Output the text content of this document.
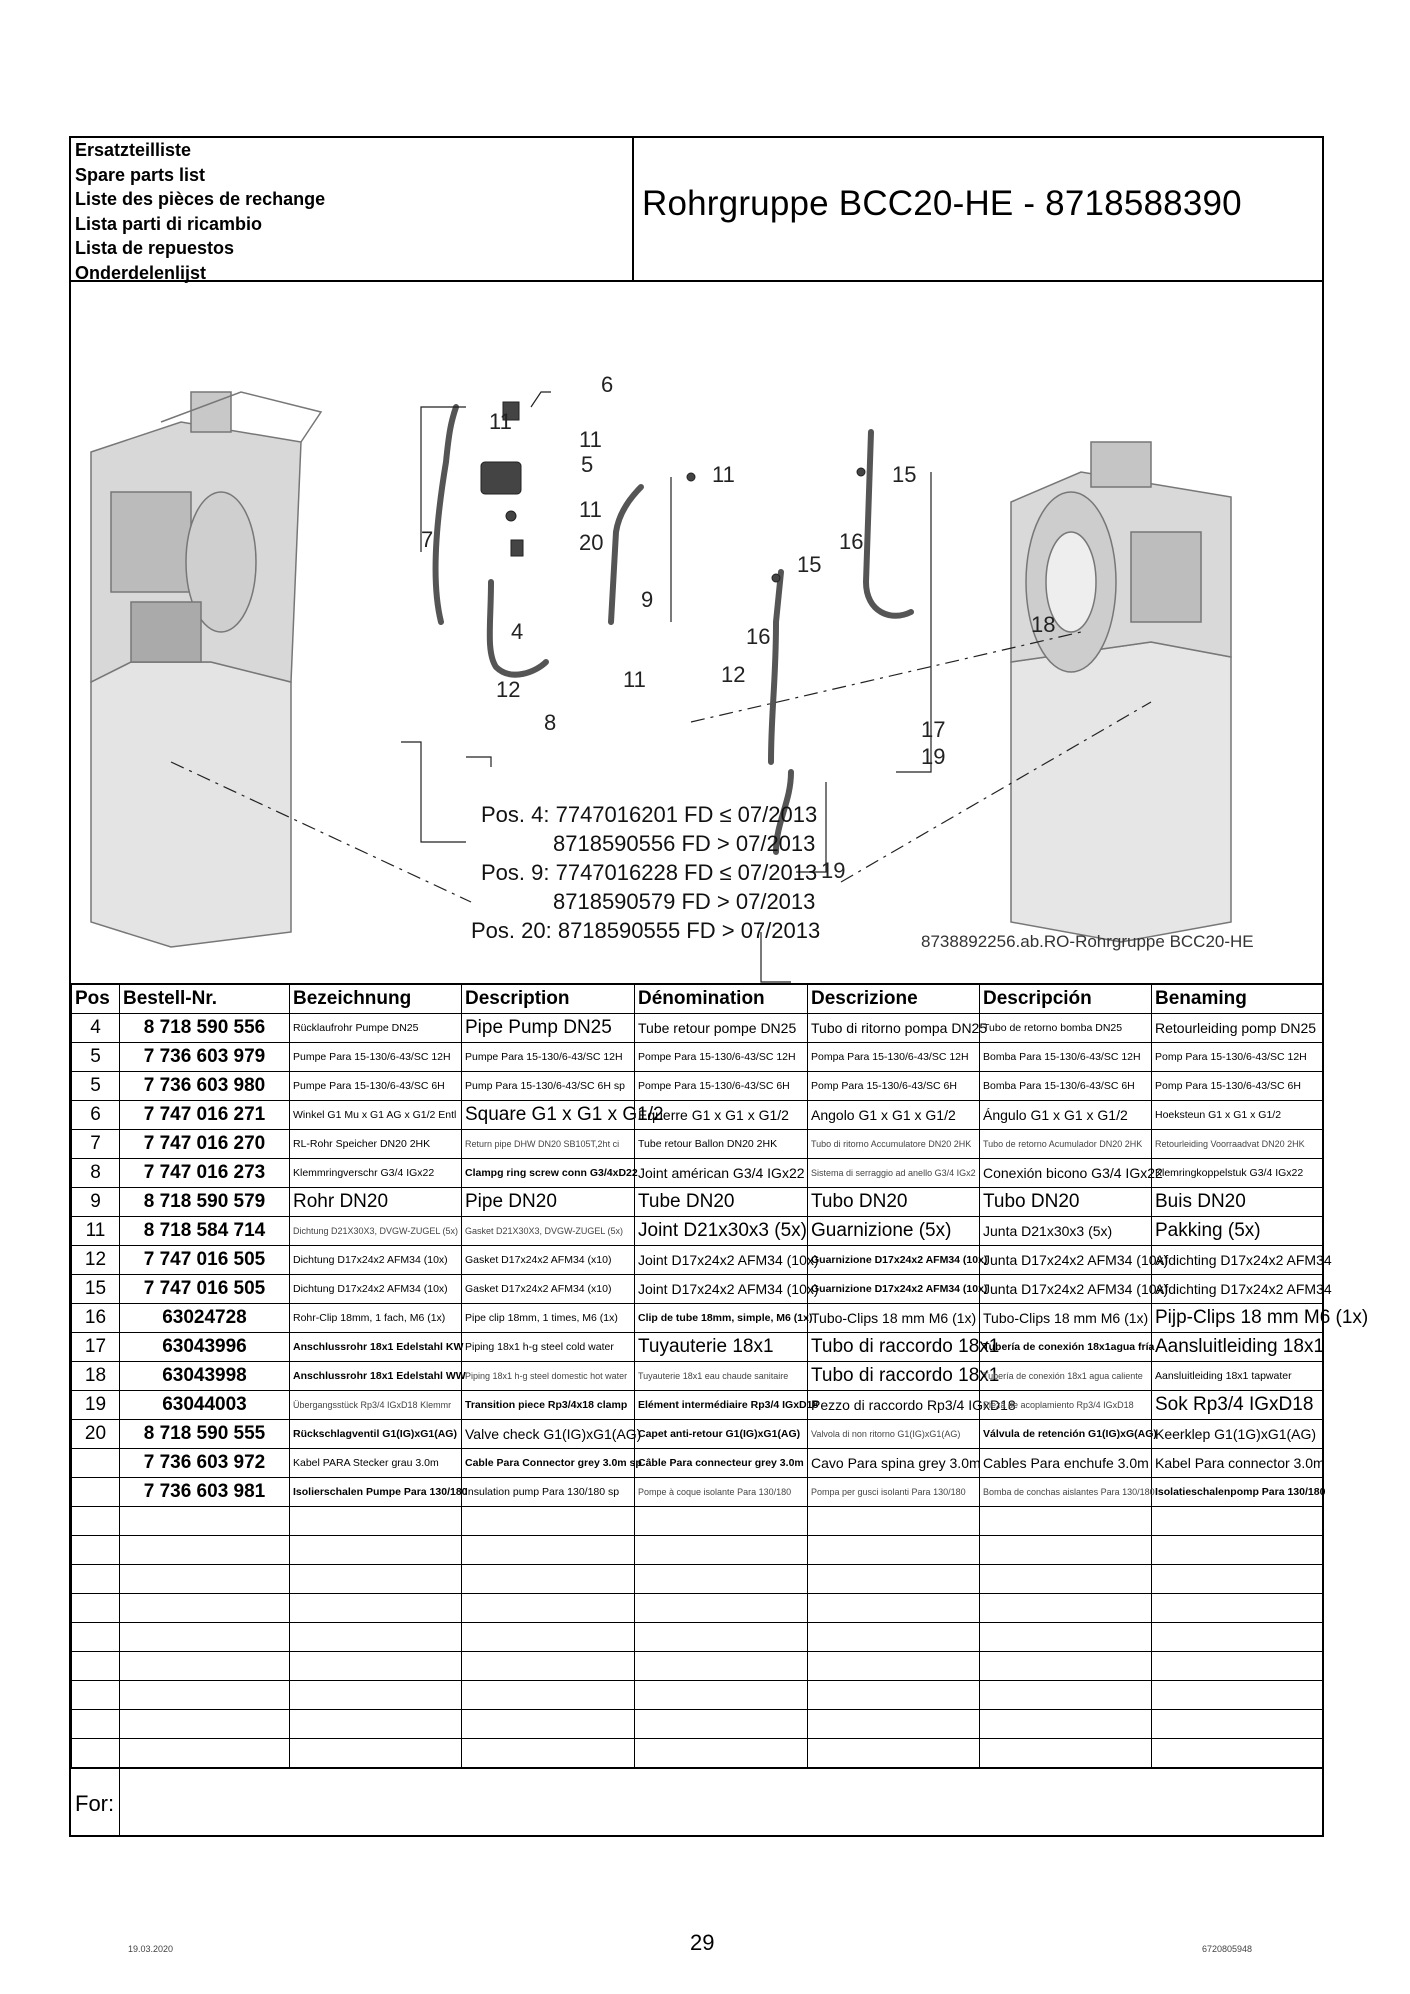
Ersatzteilliste
Spare parts list
Liste des pièces de rechange
Lista parti di ricambio
Lista de repuestos
Onderdelenlijst
Rohrgruppe BCC20-HE - 8718588390
11
6
11
5
11
20
7
4
12
8
11
9
11
12
15
16
15
16
17
19
19
18
Pos. 4: 7747016201 FD ≤ 07/2013
8718590556 FD > 07/2013
Pos. 9: 7747016228 FD ≤ 07/2013
8718590579 FD > 07/2013
Pos. 20: 8718590555 FD > 07/2013	8738892256.ab.RO-Rohrgruppe BCC20-HE
Pos	Bestell-Nr.	Bezeichnung	Description	Dénomination	Descrizione	Descripción	Benaming
4	8 718 590 556	Rücklaufrohr Pumpe DN25	Pipe Pump DN25	Tube retour pompe DN25	Tubo di ritorno pompa DN25	Tubo de retorno bomba DN25	Retourleiding pomp DN25
5	7 736 603 979	Pumpe Para 15-130/6-43/SC 12H	Pumpe Para 15-130/6-43/SC 12H	Pompe Para 15-130/6-43/SC 12H	Pompa Para 15-130/6-43/SC 12H	Bomba Para 15-130/6-43/SC 12H	Pomp Para 15-130/6-43/SC 12H
5	7 736 603 980	Pumpe Para 15-130/6-43/SC 6H	Pump Para 15-130/6-43/SC 6H sp	Pompe Para 15-130/6-43/SC 6H	Pomp Para 15-130/6-43/SC 6H	Bomba Para 15-130/6-43/SC 6H	Pomp Para 15-130/6-43/SC 6H
6	7 747 016 271	Winkel G1 Mu x G1 AG x G1/2 Entl	Square G1 x G1 x G1/2	Equerre G1 x G1 x G1/2	Angolo G1 x G1 x G1/2	Ángulo G1 x G1 x G1/2	Hoeksteun G1 x G1 x G1/2
7	7 747 016 270	RL-Rohr Speicher DN20 2HK	Return pipe DHW DN20 SB105T,2ht ci	Tube retour Ballon DN20 2HK	Tubo di ritorno Accumulatore DN20 2HK	Tubo de retorno Acumulador DN20 2HK	Retourleiding Voorraadvat DN20 2HK
8	7 747 016 273	Klemmringverschr G3/4 IGx22	Clampg ring screw conn G3/4xD22	Joint américan G3/4 IGx22	Sistema di serraggio ad anello G3/4 IGx2	Conexión bicono G3/4 IGx22	Klemringkoppelstuk G3/4 IGx22
9	8 718 590 579	Rohr DN20	Pipe DN20	Tube DN20	Tubo DN20	Tubo DN20	Buis DN20
11	8 718 584 714	Dichtung D21X30X3, DVGW-ZUGEL (5x)	Gasket D21X30X3, DVGW-ZUGEL (5x)	Joint D21x30x3 (5x)	Guarnizione (5x)	Junta D21x30x3 (5x)	Pakking (5x)
12	7 747 016 505	Dichtung D17x24x2 AFM34 (10x)	Gasket D17x24x2 AFM34 (x10)	Joint D17x24x2 AFM34 (10x)	Guarnizione D17x24x2 AFM34 (10x)	Junta D17x24x2 AFM34 (10x)	Afdichting D17x24x2 AFM34
15	7 747 016 505	Dichtung D17x24x2 AFM34 (10x)	Gasket D17x24x2 AFM34 (x10)	Joint D17x24x2 AFM34 (10x)	Guarnizione D17x24x2 AFM34 (10x)	Junta D17x24x2 AFM34 (10x)	Afdichting D17x24x2 AFM34
16	63024728	Rohr-Clip 18mm, 1 fach, M6 (1x)	Pipe clip 18mm, 1 times, M6 (1x)	Clip de tube 18mm, simple, M6 (1x)	Tubo-Clips 18 mm M6 (1x)	Tubo-Clips 18 mm M6 (1x)	Pijp-Clips 18 mm M6 (1x)
17	63043996	Anschlussrohr 18x1 Edelstahl KW	Piping 18x1 h-g steel cold water	Tuyauterie 18x1	Tubo di raccordo 18x1	Tubería de conexión 18x1agua fría	Aansluitleiding 18x1
18	63043998	Anschlussrohr 18x1 Edelstahl WW	Piping 18x1 h-g steel domestic hot water	Tuyauterie 18x1 eau chaude sanitaire	Tubo di raccordo 18x1	Tubería de conexión 18x1 agua caliente	Aansluitleiding 18x1 tapwater
19	63044003	Übergangsstück Rp3/4 IGxD18 Klemmr	Transition piece Rp3/4x18 clamp	Elément intermédiaire Rp3/4 IGxD18	Pezzo di raccordo Rp3/4 IGxD18	Pieza de acoplamiento Rp3/4 IGxD18	Sok Rp3/4 IGxD18
20	8 718 590 555	Rückschlagventil G1(IG)xG1(AG)	Valve check G1(IG)xG1(AG)	Capet anti-retour G1(IG)xG1(AG)	Valvola di non ritorno G1(IG)xG1(AG)	Válvula de retención G1(IG)xG(AG)	Keerklep G1(1G)xG1(AG)
	7 736 603 972	Kabel PARA Stecker grau 3.0m	Cable Para Connector grey 3.0m sp	Câble Para connecteur grey 3.0m	Cavo Para spina grey 3.0m	Cables Para enchufe 3.0m	Kabel Para connector 3.0m
	7 736 603 981	Isolierschalen Pumpe Para 130/180	Insulation pump Para 130/180 sp	Pompe à coque isolante Para 130/180	Pompa per gusci isolanti Para 130/180	Bomba de conchas aislantes Para 130/180	Isolatieschalenpomp Para 130/180

For:
19.03.2020	29	6720805948
